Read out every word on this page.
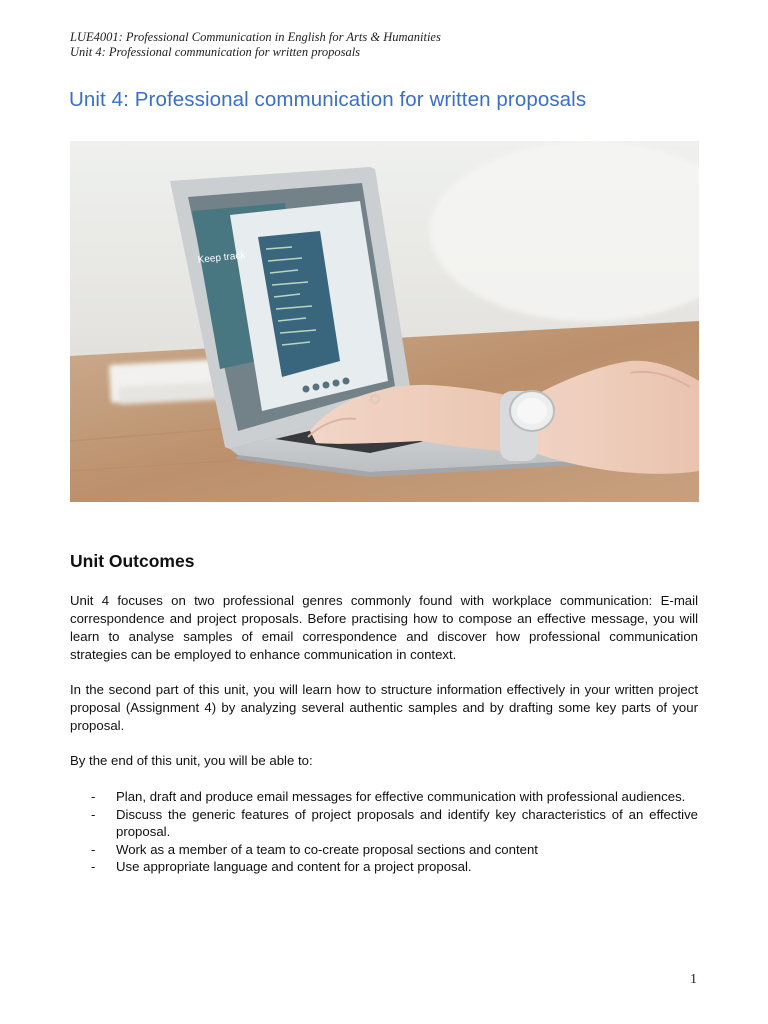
LUE4001: Professional Communication in English for Arts & Humanities
Unit 4: Professional communication for written proposals
Unit 4: Professional communication for written proposals
Keep track
Unit Outcomes

Unit 4 focuses on two professional genres commonly found with workplace communication: E-mail correspondence and project proposals. Before practising how to compose an effective message, you will learn to analyse samples of email correspondence and discover how professional communication strategies can be employed to enhance communication in context.

In the second part of this unit, you will learn how to structure information effectively in your written project proposal (Assignment 4) by analyzing several authentic samples and by drafting some key parts of your proposal.

By the end of this unit, you will be able to:

- Plan, draft and produce email messages for effective communication with professional audiences.
- Discuss the generic features of project proposals and identify key characteristics of an effective proposal.
- Work as a member of a team to co-create proposal sections and content
- Use appropriate language and content for a project proposal.
1
